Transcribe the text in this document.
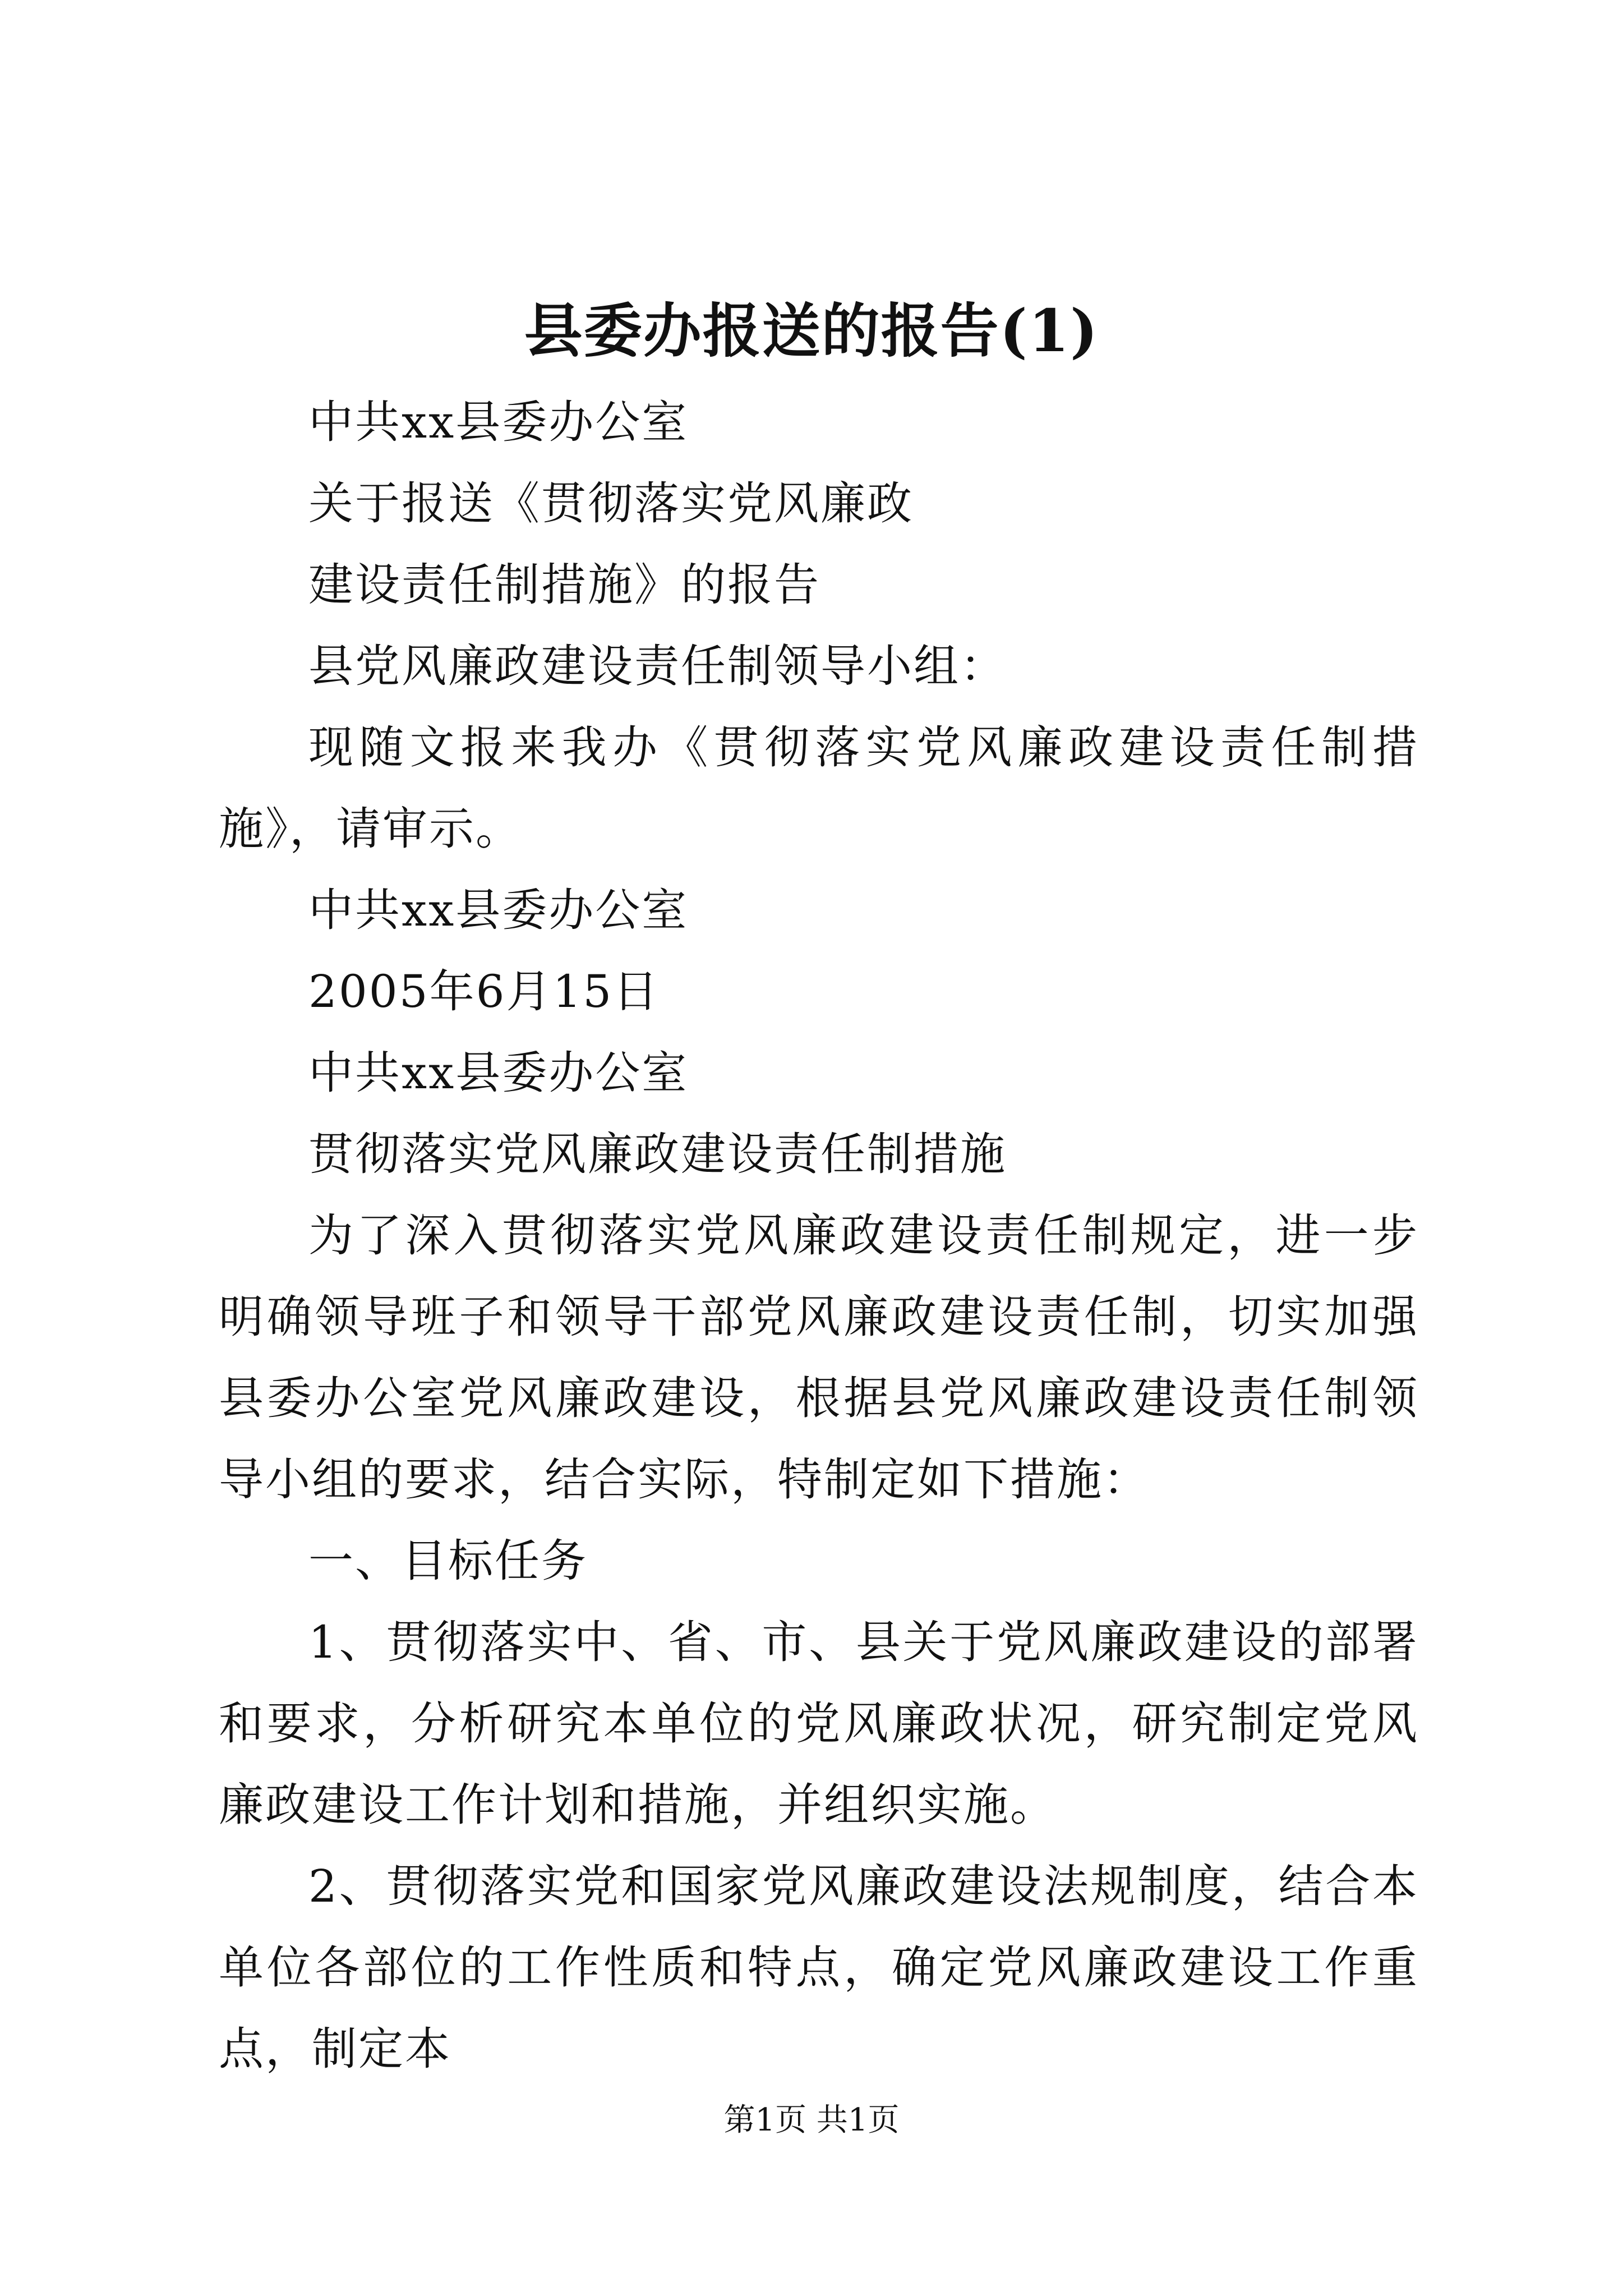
县委办报送的报告(1)

中共xx县委办公室

关于报送《贯彻落实党风廉政

建设责任制措施》的报告

县党风廉政建设责任制领导小组：

现随文报来我办《贯彻落实党风廉政建设责任制措施》，请审示。

中共xx县委办公室

2005年6月15日

中共xx县委办公室

贯彻落实党风廉政建设责任制措施

为了深入贯彻落实党风廉政建设责任制规定，进一步明确领导班子和领导干部党风廉政建设责任制，切实加强县委办公室党风廉政建设，根据县党风廉政建设责任制领导小组的要求，结合实际，特制定如下措施：

一、目标任务

1、贯彻落实中、省、市、县关于党风廉政建设的部署和要求，分析研究本单位的党风廉政状况，研究制定党风廉政建设工作计划和措施，并组织实施。

2、贯彻落实党和国家党风廉政建设法规制度，结合本单位各部位的工作性质和特点，确定党风廉政建设工作重点，制定本

第1页 共1页
